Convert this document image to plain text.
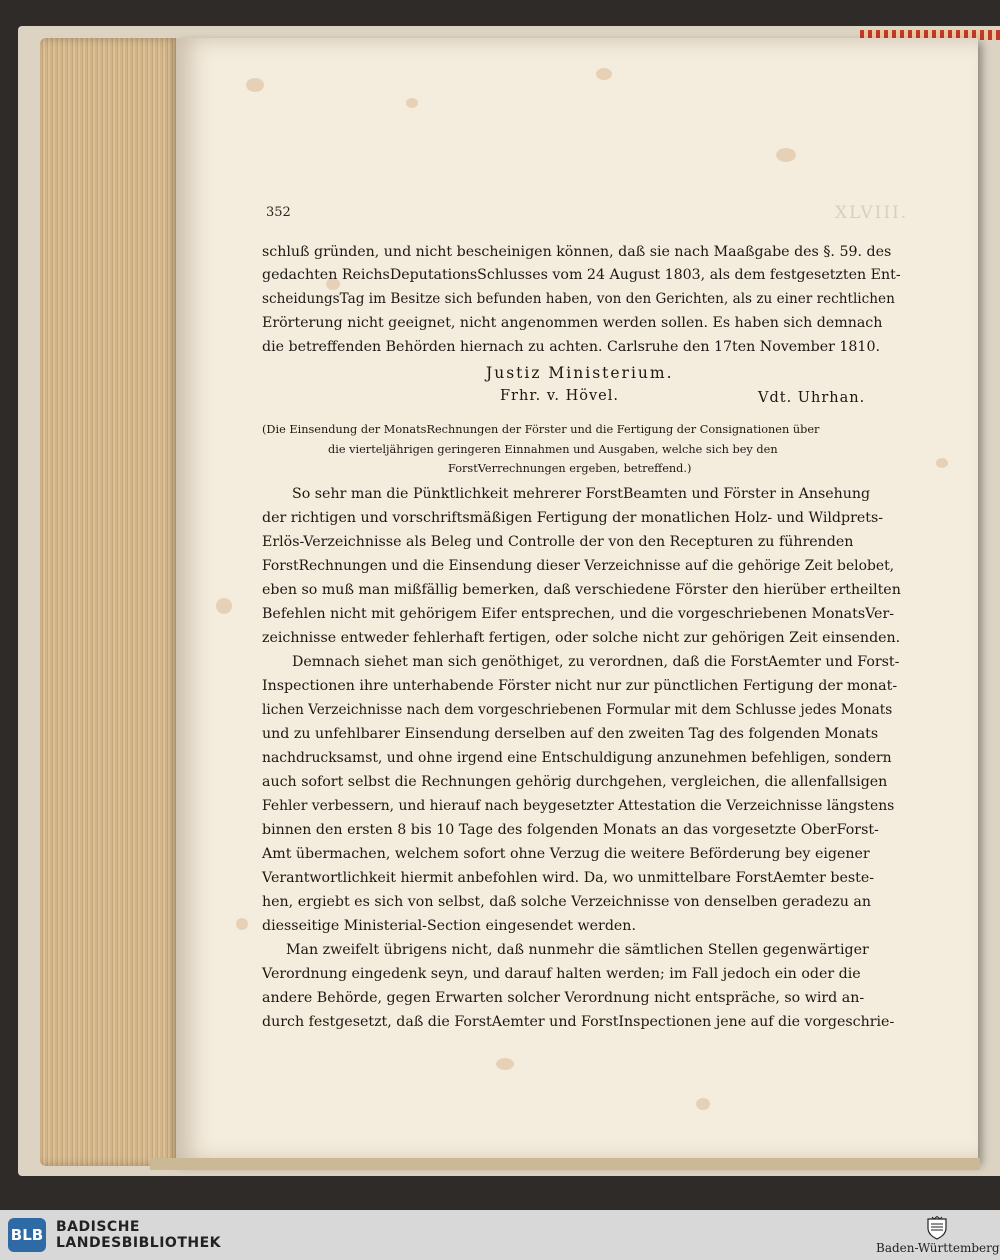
XLVIII.
352
schluß gründen, und nicht bescheinigen können, daß sie nach Maaßgabe des §. 59. des
gedachten ReichsDeputationsSchlusses vom 24 August 1803, als dem festgesetzten Ent-
scheidungsTag im Besitze sich befunden haben, von den Gerichten, als zu einer rechtlichen
Erörterung nicht geeignet, nicht angenommen werden sollen. Es haben sich demnach
die betreffenden Behörden hiernach zu achten. Carlsruhe den 17ten November 1810.
Justiz Ministerium.
Frhr. v. Hövel.	Vdt. Uhrhan.
(Die Einsendung der MonatsRechnungen der Förster und die Fertigung der Consignationen über
die vierteljährigen geringeren Einnahmen und Ausgaben, welche sich bey den
ForstVerrechnungen ergeben, betreffend.)
So sehr man die Pünktlichkeit mehrerer ForstBeamten und Förster in Ansehung
der richtigen und vorschriftsmäßigen Fertigung der monatlichen Holz- und Wildprets-
Erlös-Verzeichnisse als Beleg und Controlle der von den Recepturen zu führenden
ForstRechnungen und die Einsendung dieser Verzeichnisse auf die gehörige Zeit belobet,
eben so muß man mißfällig bemerken, daß verschiedene Förster den hierüber ertheilten
Befehlen nicht mit gehörigem Eifer entsprechen, und die vorgeschriebenen MonatsVer-
zeichnisse entweder fehlerhaft fertigen, oder solche nicht zur gehörigen Zeit einsenden.
Demnach siehet man sich genöthiget, zu verordnen, daß die ForstAemter und Forst-
Inspectionen ihre unterhabende Förster nicht nur zur pünctlichen Fertigung der monat-
lichen Verzeichnisse nach dem vorgeschriebenen Formular mit dem Schlusse jedes Monats
und zu unfehlbarer Einsendung derselben auf den zweiten Tag des folgenden Monats
nachdrucksamst, und ohne irgend eine Entschuldigung anzunehmen befehligen, sondern
auch sofort selbst die Rechnungen gehörig durchgehen, vergleichen, die allenfallsigen
Fehler verbessern, und hierauf nach beygesetzter Attestation die Verzeichnisse längstens
binnen den ersten 8 bis 10 Tage des folgenden Monats an das vorgesetzte OberForst-
Amt übermachen, welchem sofort ohne Verzug die weitere Beförderung bey eigener
Verantwortlichkeit hiermit anbefohlen wird. Da, wo unmittelbare ForstAemter beste-
hen, ergiebt es sich von selbst, daß solche Verzeichnisse von denselben geradezu an
diesseitige Ministerial-Section eingesendet werden.
Man zweifelt übrigens nicht, daß nunmehr die sämtlichen Stellen gegenwärtiger
Verordnung eingedenk seyn, und darauf halten werden; im Fall jedoch ein oder die
andere Behörde, gegen Erwarten solcher Verordnung nicht entspräche, so wird an-
durch festgesetzt, daß die ForstAemter und ForstInspectionen jene auf die vorgeschrie-
BLB BADISCHE
LANDESBIBLIOTHEK	Baden-Württemberg
